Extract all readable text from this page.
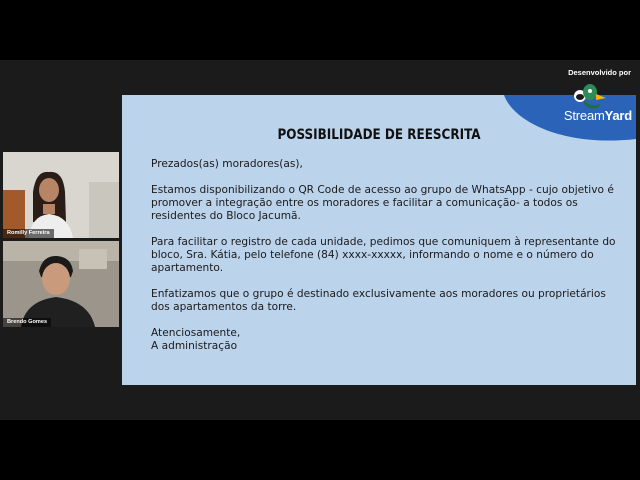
Desenvolvido por
POSSIBILIDADE DE REESCRITA

Prezados(as) moradores(as),

Estamos disponibilizando o QR Code de acesso ao grupo de WhatsApp - cujo objetivo é promover a integração entre os moradores e facilitar a comunicação- a todos os residentes do Bloco Jacumã.

Para facilitar o registro de cada unidade, pedimos que comuniquem à representante do bloco, Sra. Kátia, pelo telefone (84) xxxx-xxxxx, informando o nome e o número do apartamento.

Enfatizamos que o grupo é destinado exclusivamente aos moradores ou proprietários dos apartamentos da torre.

Atenciosamente,

A administração

StreamYard
Romilly Ferreira
Brendo Gomes
